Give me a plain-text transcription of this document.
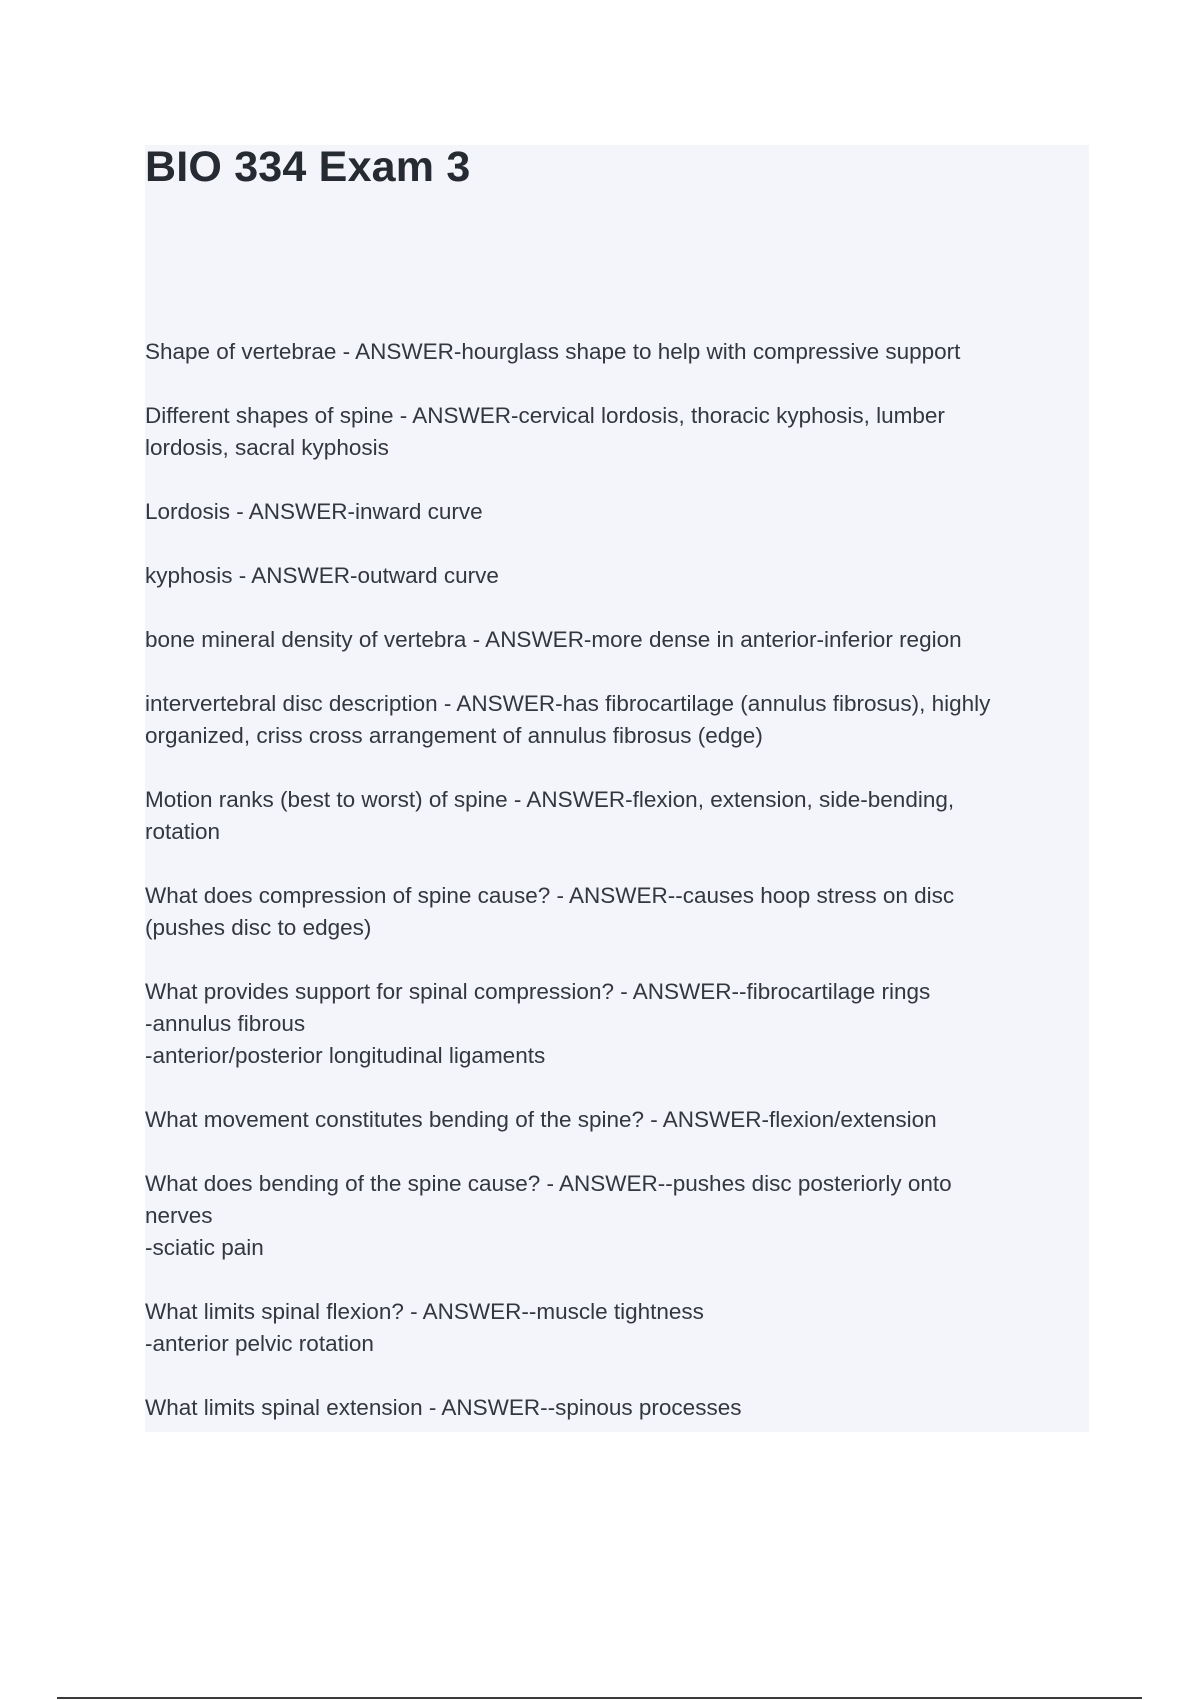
BIO 334 Exam 3

Shape of vertebrae - ANSWER-hourglass shape to help with compressive support

Different shapes of spine - ANSWER-cervical lordosis, thoracic kyphosis, lumber
lordosis, sacral kyphosis

Lordosis - ANSWER-inward curve

kyphosis - ANSWER-outward curve

bone mineral density of vertebra - ANSWER-more dense in anterior-inferior region

intervertebral disc description - ANSWER-has fibrocartilage (annulus fibrosus), highly
organized, criss cross arrangement of annulus fibrosus (edge)

Motion ranks (best to worst) of spine - ANSWER-flexion, extension, side-bending,
rotation

What does compression of spine cause? - ANSWER--causes hoop stress on disc
(pushes disc to edges)

What provides support for spinal compression? - ANSWER--fibrocartilage rings
-annulus fibrous
-anterior/posterior longitudinal ligaments

What movement constitutes bending of the spine? - ANSWER-flexion/extension

What does bending of the spine cause? - ANSWER--pushes disc posteriorly onto
nerves
-sciatic pain

What limits spinal flexion? - ANSWER--muscle tightness
-anterior pelvic rotation

What limits spinal extension - ANSWER--spinous processes
